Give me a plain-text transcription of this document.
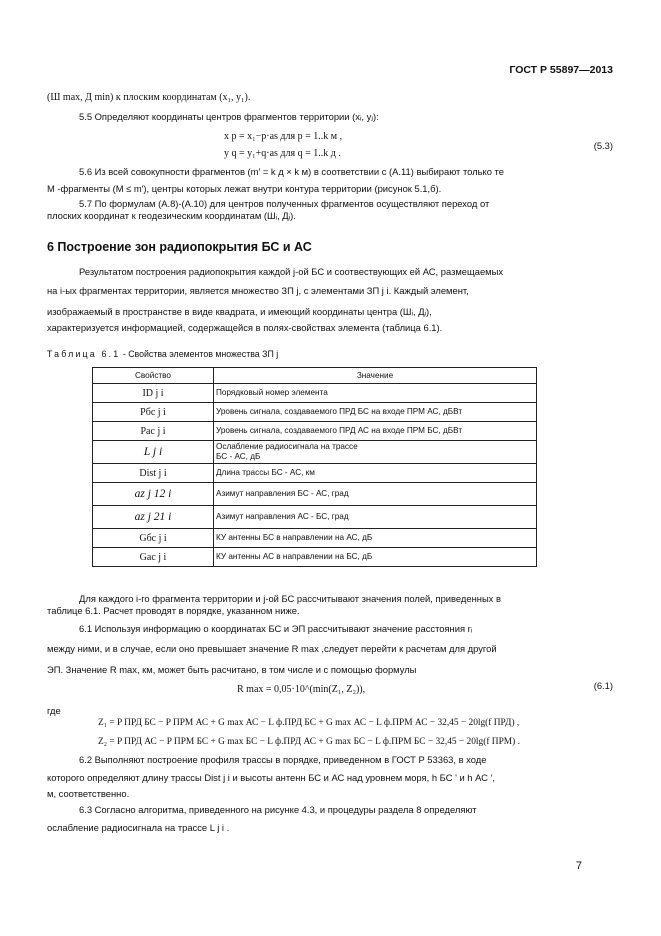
ГОСТ Р 55897—2013
(Ш max, Д min) к плоским координатам (x₁, y₁).
5.5 Определяют координаты центров фрагментов территории (xᵢ, yⱼ):
x p = x₁−p·as для p = 1..k м ,
y q = y₁+q·as для q = 1..k д .
(5.3)
5.6 Из всей совокупности фрагментов (m′ = k д × k м) в соответствии с (А.11) выбирают только те
M -фрагменты (M ≤ m′), центры которых лежат внутри контура территории (рисунок 5.1,б).
5.7 По формулам (А.8)-(А.10) для центров полученных фрагментов осуществляют переход от
плоских координат к геодезическим координатам (Шᵢ, Дᵢ).
6 Построение зон радиопокрытия БС и АС
Результатом построения радиопокрытия каждой j-ой БС и соотвествующих ей АС, размещаемых
на i-ых фрагментах территории, является множество ЗП j, с элементами ЗП j i. Каждый элемент,
изображаемый в пространстве в виде квадрата, и имеющий координаты центра (Шᵢ, Дᵢ),
характеризуется информацией, содержащейся в полях-свойствах элемента (таблица 6.1).
Таблица 6.1 - Свойства элементов множества ЗП j
Свойство	Значение
ID j i	Порядковый номер элемента
Pбс j i	Уровень сигнала, создаваемого ПРД БС на входе ПРМ АС, дБВт
Pас j i	Уровень сигнала, создаваемого ПРД АС на входе ПРМ БС, дБВт
L j i	Ослабление радиосигнала на трассе
БС - АС, дБ

Dist j i	Длина трассы БС - АС, км
az j 12 i	Азимут направления БС - АС, град
az j 21 i	Азимут направления АС - БС, град
Gбс j i	КУ антенны БС в направлении на АС, дБ
Gас j i	КУ антенны АС в направлении на БС, дБ
Для каждого i-го фрагмента территории и j-ой БС рассчитывают значения полей, приведенных в
таблице 6.1. Расчет проводят в порядке, указанном ниже.
6.1 Используя информацию о координатах БС и ЭП рассчитывают значение расстояния rᵢ
между ними, и в случае, если оно превышает значение R max ,следует перейти к расчетам для другой
ЭП. Значение R max, км, может быть расчитано, в том числе и с помощью формулы
R max = 0,05·10^(min(Z₁, Z₂)),	(6.1)
где
Z₁ = P ПРД БС − P ПРМ АС + G max АС − L ф.ПРД БС + G max АС − L ф.ПРМ АС − 32,45 − 20lg(f ПРД) ,
Z₂ = P ПРД АС − P ПРМ БС + G max БС − L ф.ПРД АС + G max БС − L ф.ПРМ БС − 32,45 − 20lg(f ПРМ) .
6.2 Выполняют построение профиля трассы в порядке, приведенном в ГОСТ Р 53363, в ходе
которого определяют длину трассы Dist j i и высоты антенн БС и АС над уровнем моря, h БС ' и h АС ',
м, соответственно.
6.3 Согласно алгоритма, приведенного на рисунке 4.3, и процедуры раздела 8 определяют
ослабление радиосигнала на трассе L j i .
7
